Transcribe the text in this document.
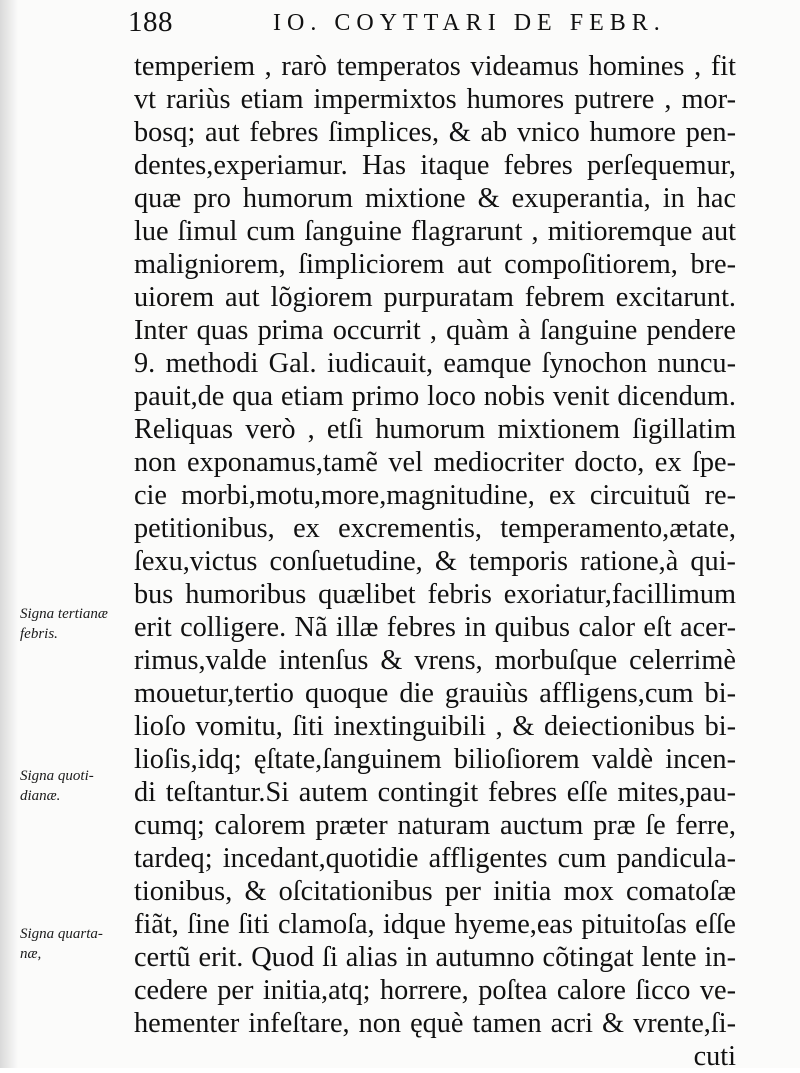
188	IO. COYTTARI DE FEBR.
temperiem , rarò temperatos videamus homines , fit
vt rariùs etiam impermixtos humores putrere , mor-
bosq; aut febres ſimplices, & ab vnico humore pen-
dentes,experiamur. Has itaque febres perſequemur,
quæ pro humorum mixtione & exuperantia, in hac
lue ſimul cum ſanguine flagrarunt , mitioremque aut
maligniorem, ſimpliciorem aut compoſitiorem, bre-
uiorem aut lõgiorem purpuratam febrem excitarunt.
Inter quas prima occurrit , quàm à ſanguine pendere
9. methodi Gal. iudicauit, eamque ſynochon nuncu-
pauit,de qua etiam primo loco nobis venit dicendum.
Reliquas verò , etſi humorum mixtionem ſigillatim
non exponamus,tamẽ vel mediocriter docto, ex ſpe-
cie morbi,motu,more,magnitudine, ex circuituũ re-
petitionibus, ex excrementis, temperamento,ætate,
ſexu,victus conſuetudine, & temporis ratione,à qui-
bus humoribus quælibet febris exoriatur,facillimum
erit colligere. Nã illæ febres in quibus calor eſt acer-
rimus,valde intenſus & vrens, morbuſque celerrimè
mouetur,tertio quoque die grauiùs affligens,cum bi-
lioſo vomitu, ſiti inextinguibili , & deiectionibus bi-
lioſis,idq; ęſtate,ſanguinem bilioſiorem valdè incen-
di teſtantur.Si autem contingit febres eſſe mites,pau-
cumq; calorem præter naturam auctum præ ſe ferre,
tardeq; incedant,quotidie affligentes cum pandicula-
tionibus, & oſcitationibus per initia mox comatoſæ
fiãt, ſine ſiti clamoſa, idque hyeme,eas pituitoſas eſſe
certũ erit. Quod ſi alias in autumno cõtingat lente in-
cedere per initia,atq; horrere, poſtea calore ſicco ve-
hementer infeſtare, non ęquè tamen acri & vrente,ſi-
cuti
Signa tertianæ
febris.
Signa quoti-
dianæ.
Signa quarta-
næ,
